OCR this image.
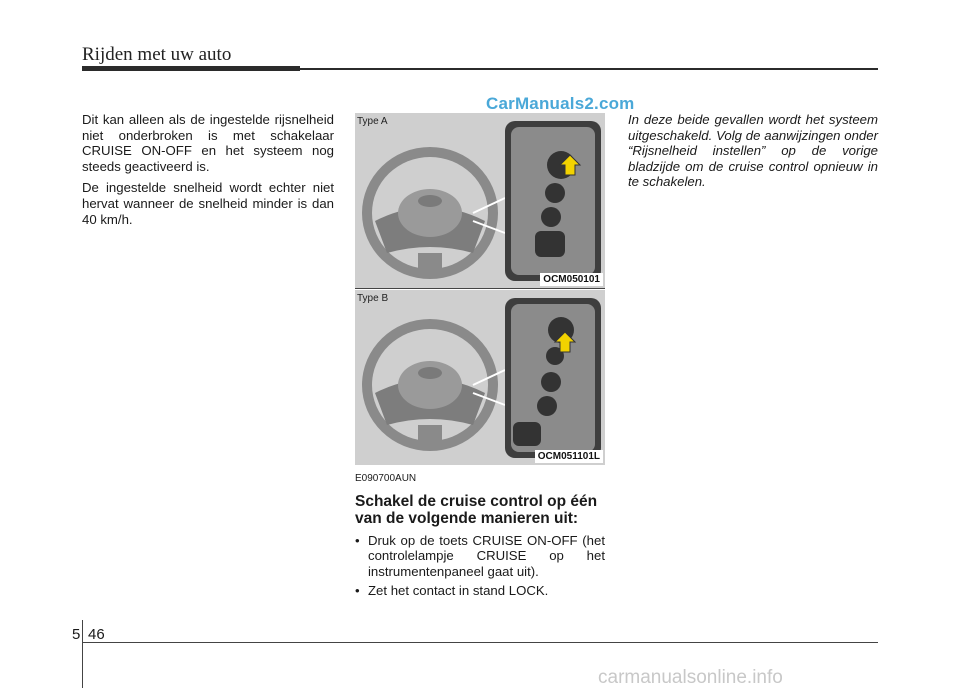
Rijden met uw auto
CarManuals2.com

Dit kan alleen als de ingestelde rijsnelheid niet onderbroken is met schakelaar CRUISE ON-OFF en het systeem nog steeds geactiveerd is.

De ingestelde snelheid wordt echter niet hervat wanneer de snelheid minder is dan 40 km/h.

Type A
OCM050101
Type B
OCM051101L
E090700AUN
Schakel de cruise control op één van de volgende manieren uit:
• Druk op de toets CRUISE ON-OFF (het controlelampje CRUISE op het instrumentenpaneel gaat uit).
• Zet het contact in stand LOCK.

In deze beide gevallen wordt het systeem uitgeschakeld. Volg de aanwijzingen onder “Rijsnelheid instellen” op de vorige bladzijde om de cruise control opnieuw in te schakelen.

5 46
carmanualsonline.info
